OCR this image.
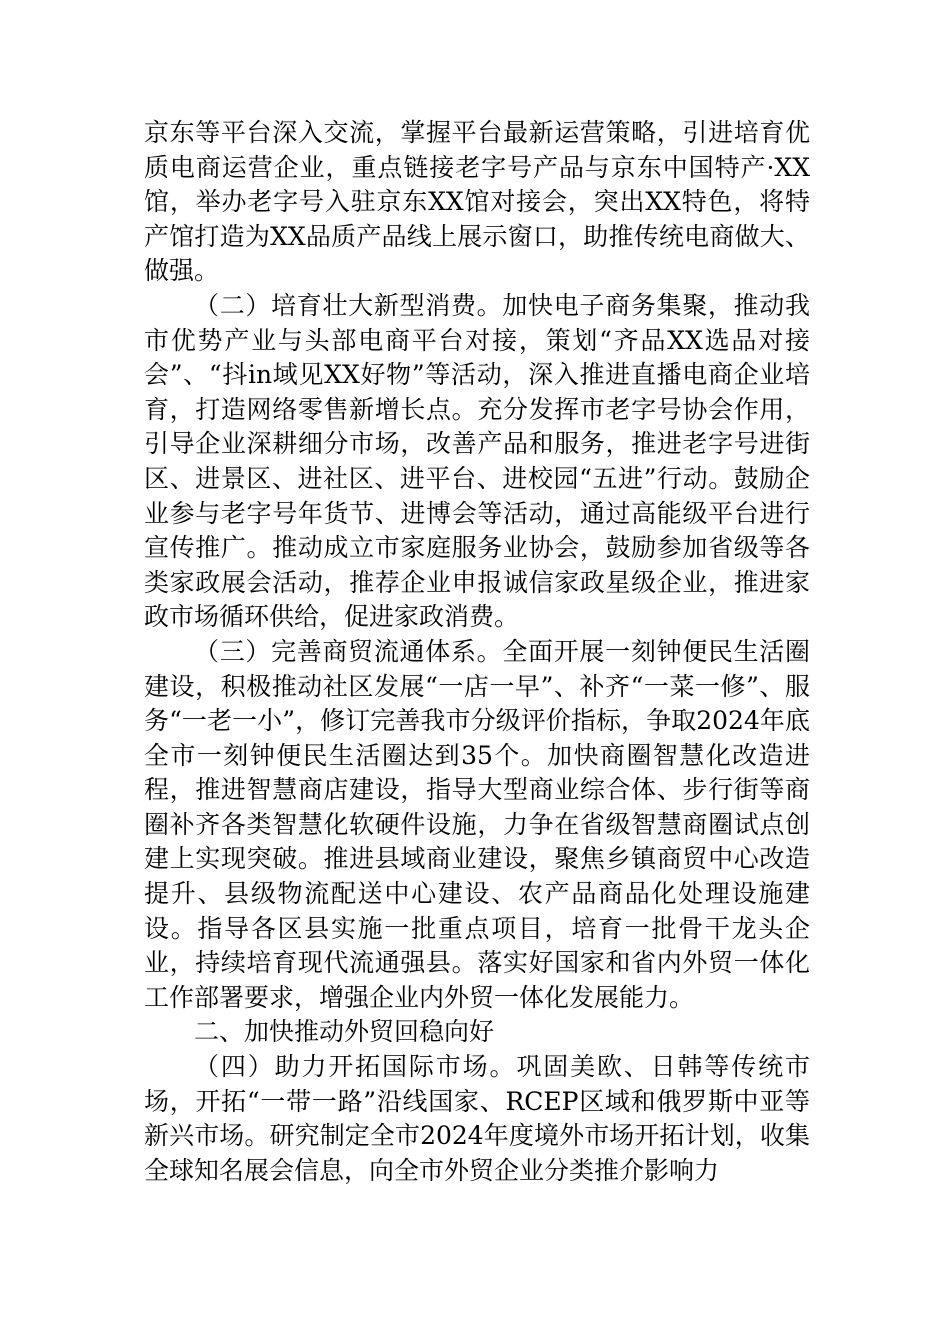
京东等平台深入交流，掌握平台最新运营策略，引进培育优质电商运营企业，重点链接老字号产品与京东中国特产·XX馆，举办老字号入驻京东XX馆对接会，突出XX特色，将特产馆打造为XX品质产品线上展示窗口，助推传统电商做大、做强。

（二）培育壮大新型消费。加快电子商务集聚，推动我市优势产业与头部电商平台对接，策划“齐品XX选品对接会”、“抖in域见XX好物”等活动，深入推进直播电商企业培育，打造网络零售新增长点。充分发挥市老字号协会作用，引导企业深耕细分市场，改善产品和服务，推进老字号进街区、进景区、进社区、进平台、进校园“五进”行动。鼓励企业参与老字号年货节、进博会等活动，通过高能级平台进行宣传推广。推动成立市家庭服务业协会，鼓励参加省级等各类家政展会活动，推荐企业申报诚信家政星级企业，推进家政市场循环供给，促进家政消费。

（三）完善商贸流通体系。全面开展一刻钟便民生活圈建设，积极推动社区发展“一店一早”、补齐“一菜一修”、服务“一老一小”，修订完善我市分级评价指标，争取2024年底全市一刻钟便民生活圈达到35个。加快商圈智慧化改造进程，推进智慧商店建设，指导大型商业综合体、步行街等商圈补齐各类智慧化软硬件设施，力争在省级智慧商圈试点创建上实现突破。推进县域商业建设，聚焦乡镇商贸中心改造提升、县级物流配送中心建设、农产品商品化处理设施建设。指导各区县实施一批重点项目，培育一批骨干龙头企业，持续培育现代流通强县。落实好国家和省内外贸一体化工作部署要求，增强企业内外贸一体化发展能力。

二、加快推动外贸回稳向好

（四）助力开拓国际市场。巩固美欧、日韩等传统市场，开拓“一带一路”沿线国家、RCEP区域和俄罗斯中亚等新兴市场。研究制定全市2024年度境外市场开拓计划，收集全球知名展会信息，向全市外贸企业分类推介影响力
